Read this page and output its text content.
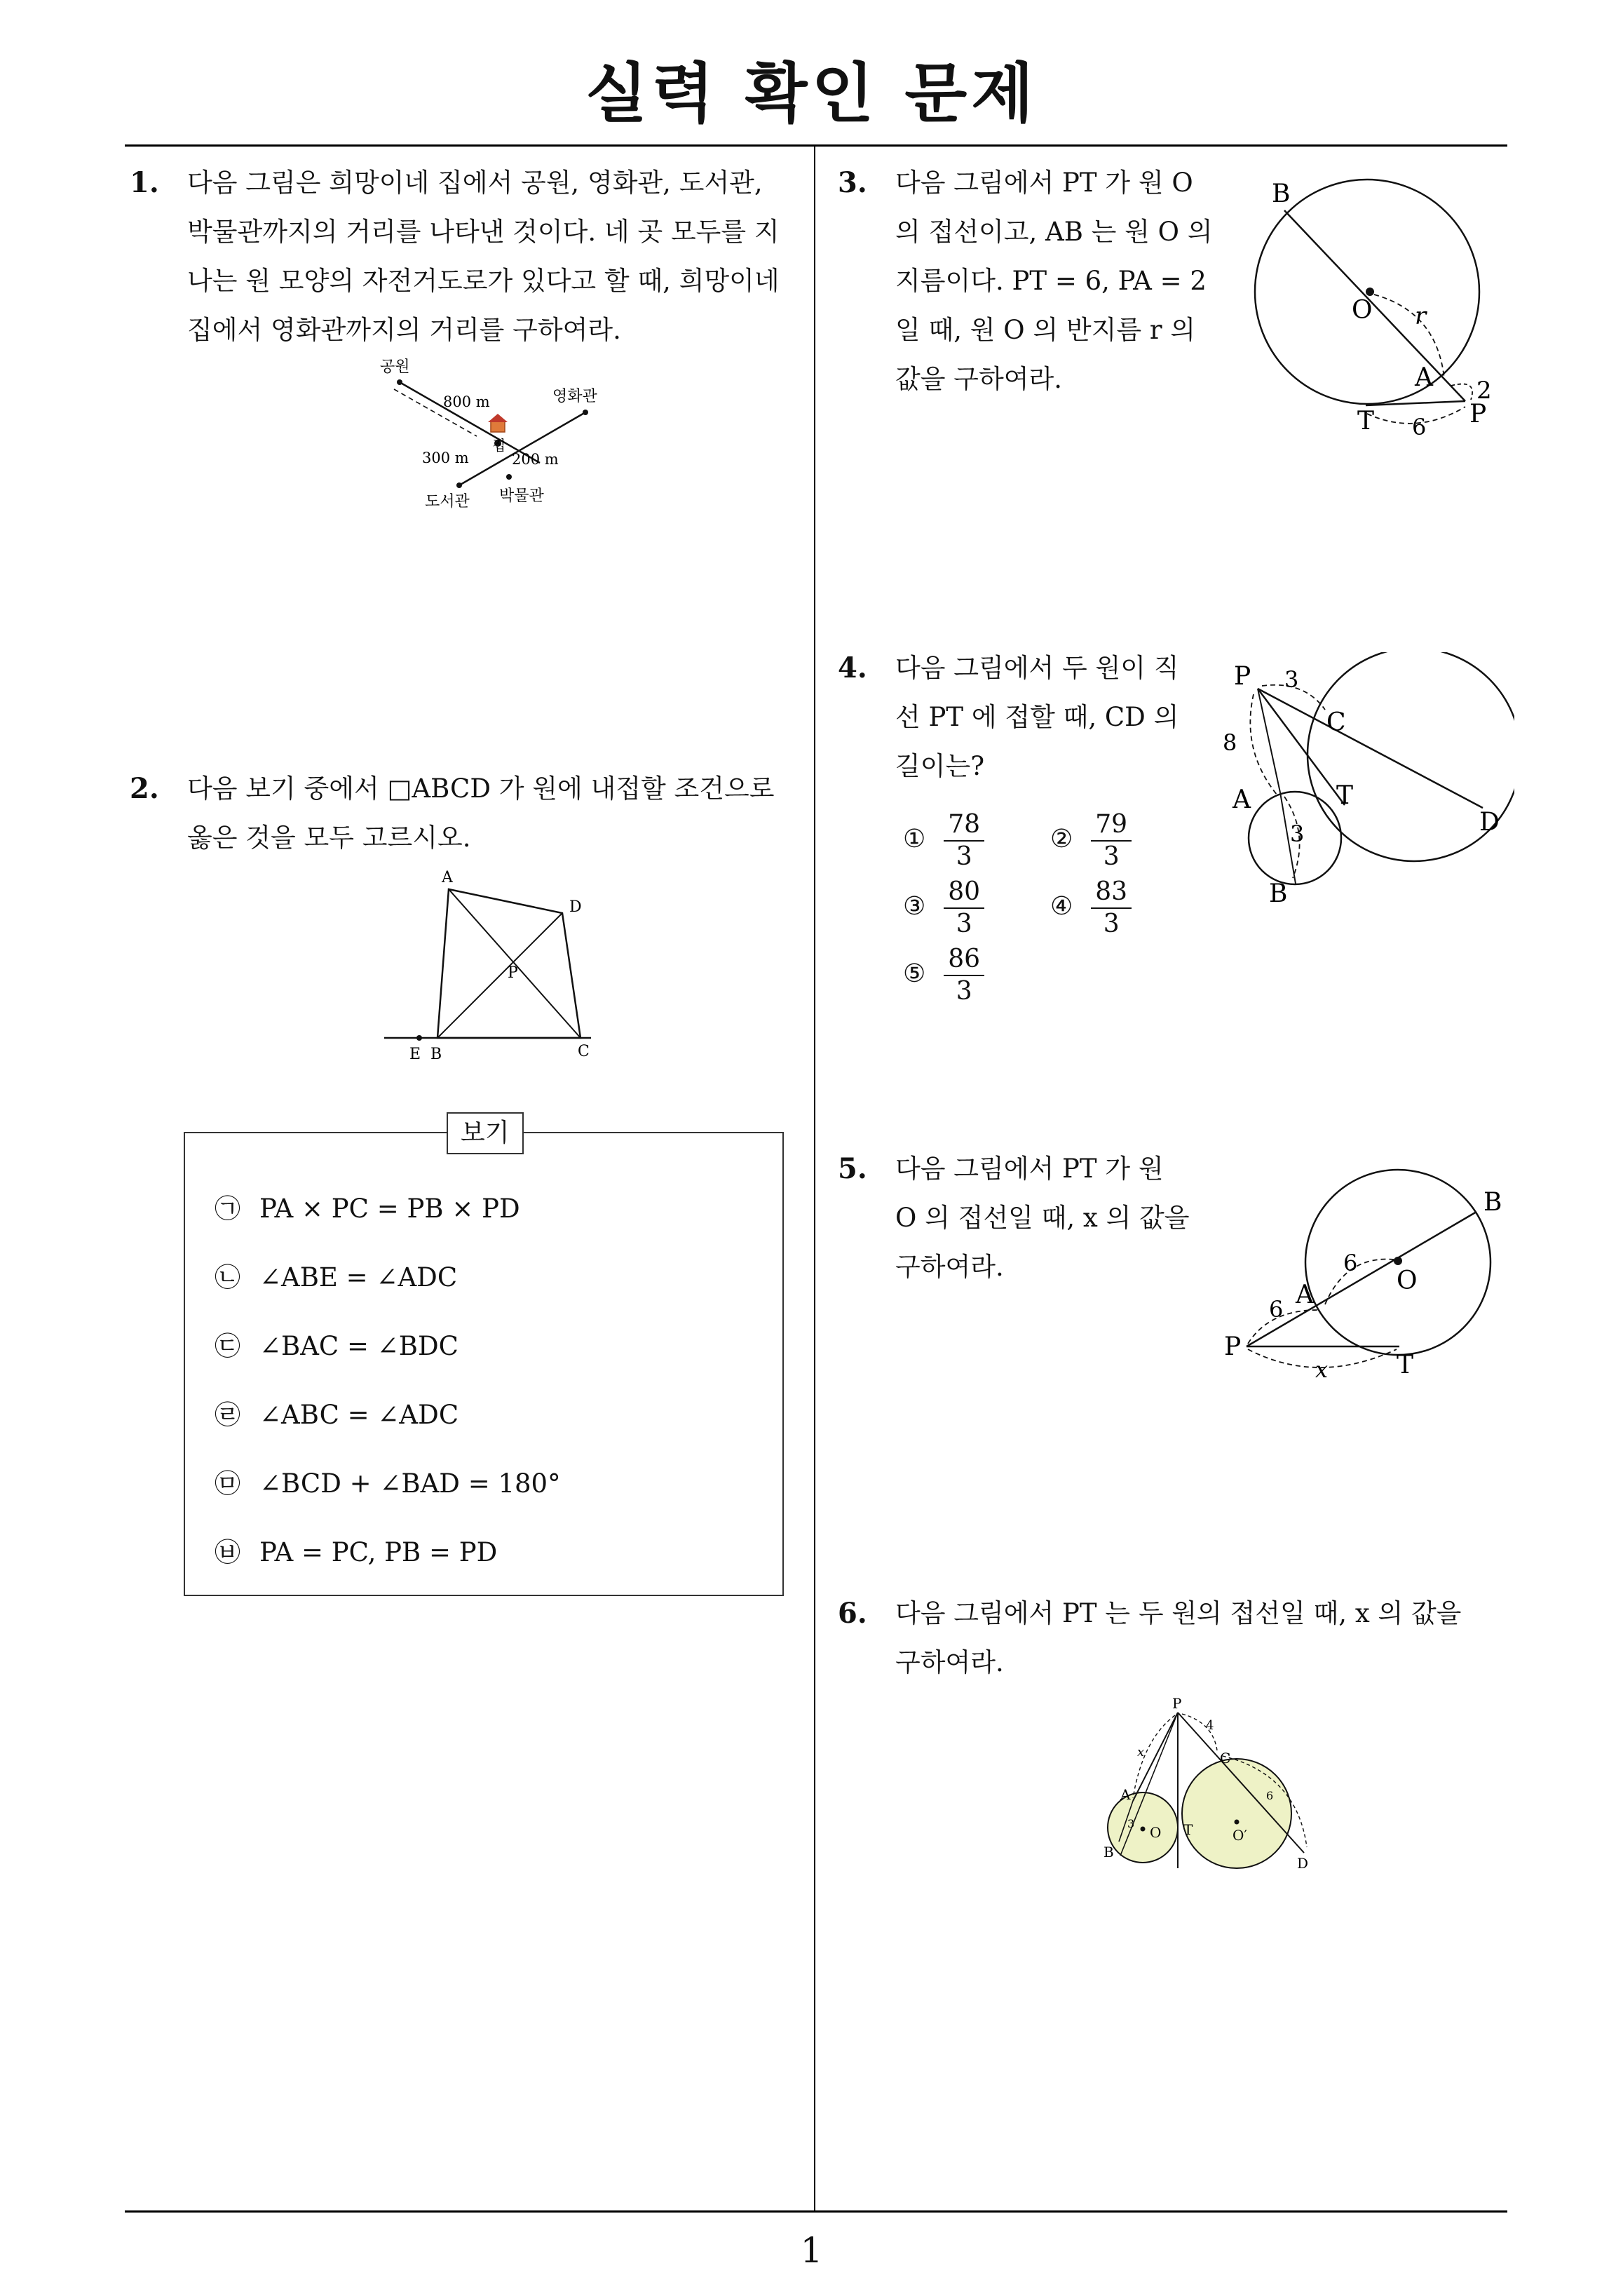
실력 확인 문제
1
1. 다음 그림은 희망이네 집에서 공원, 영화관, 도서관,
박물관까지의 거리를 나타낸 것이다. 네 곳 모두를 지
나는 원 모양의 자전거도로가 있다고 할 때, 희망이네
집에서 영화관까지의 거리를 구하여라.
공원
영화관
도서관 박물관
집
800 m
300 m	200 m
2. 다음 보기 중에서 □ABCD 가 원에 내접할 조건으로
옳은 것을 모두 고르시오.
A
D
P
E B	C
보기
㉠ PA × PC = PB × PD
㉡ ∠ABE = ∠ADC
㉢ ∠BAC = ∠BDC
㉣ ∠ABC = ∠ADC
㉤ ∠BCD + ∠BAD = 180°
㉥ PA = PC, PB = PD
3. 다음 그림에서 PT 가 원 O
의 접선이고, AB 는 원 O 의
지름이다. PT = 6, PA = 2
일 때, 원 O 의 반지름 r 의
값을 구하여라.
B
O r
A 2
T 6 P
4. 다음 그림에서 두 원이 직
선 PT 에 접할 때, CD 의
길이는?
① $\frac{78}{3}$	② $\frac{79}{3}$
③ $\frac{80}{3}$	④ $\frac{83}{3}$
⑤ $\frac{86}{3}$
P 3
C
8
A	T
3	D
B
5. 다음 그림에서 PT 가 원
O 의 접선일 때, x 의 값을
구하여라.
B
6
O
A
6
P
x	T
6. 다음 그림에서 PT 는 두 원의 접선일 때, x 의 값을
구하여라.
P
x
4
C
A
3
O T	O′
6
B
D
